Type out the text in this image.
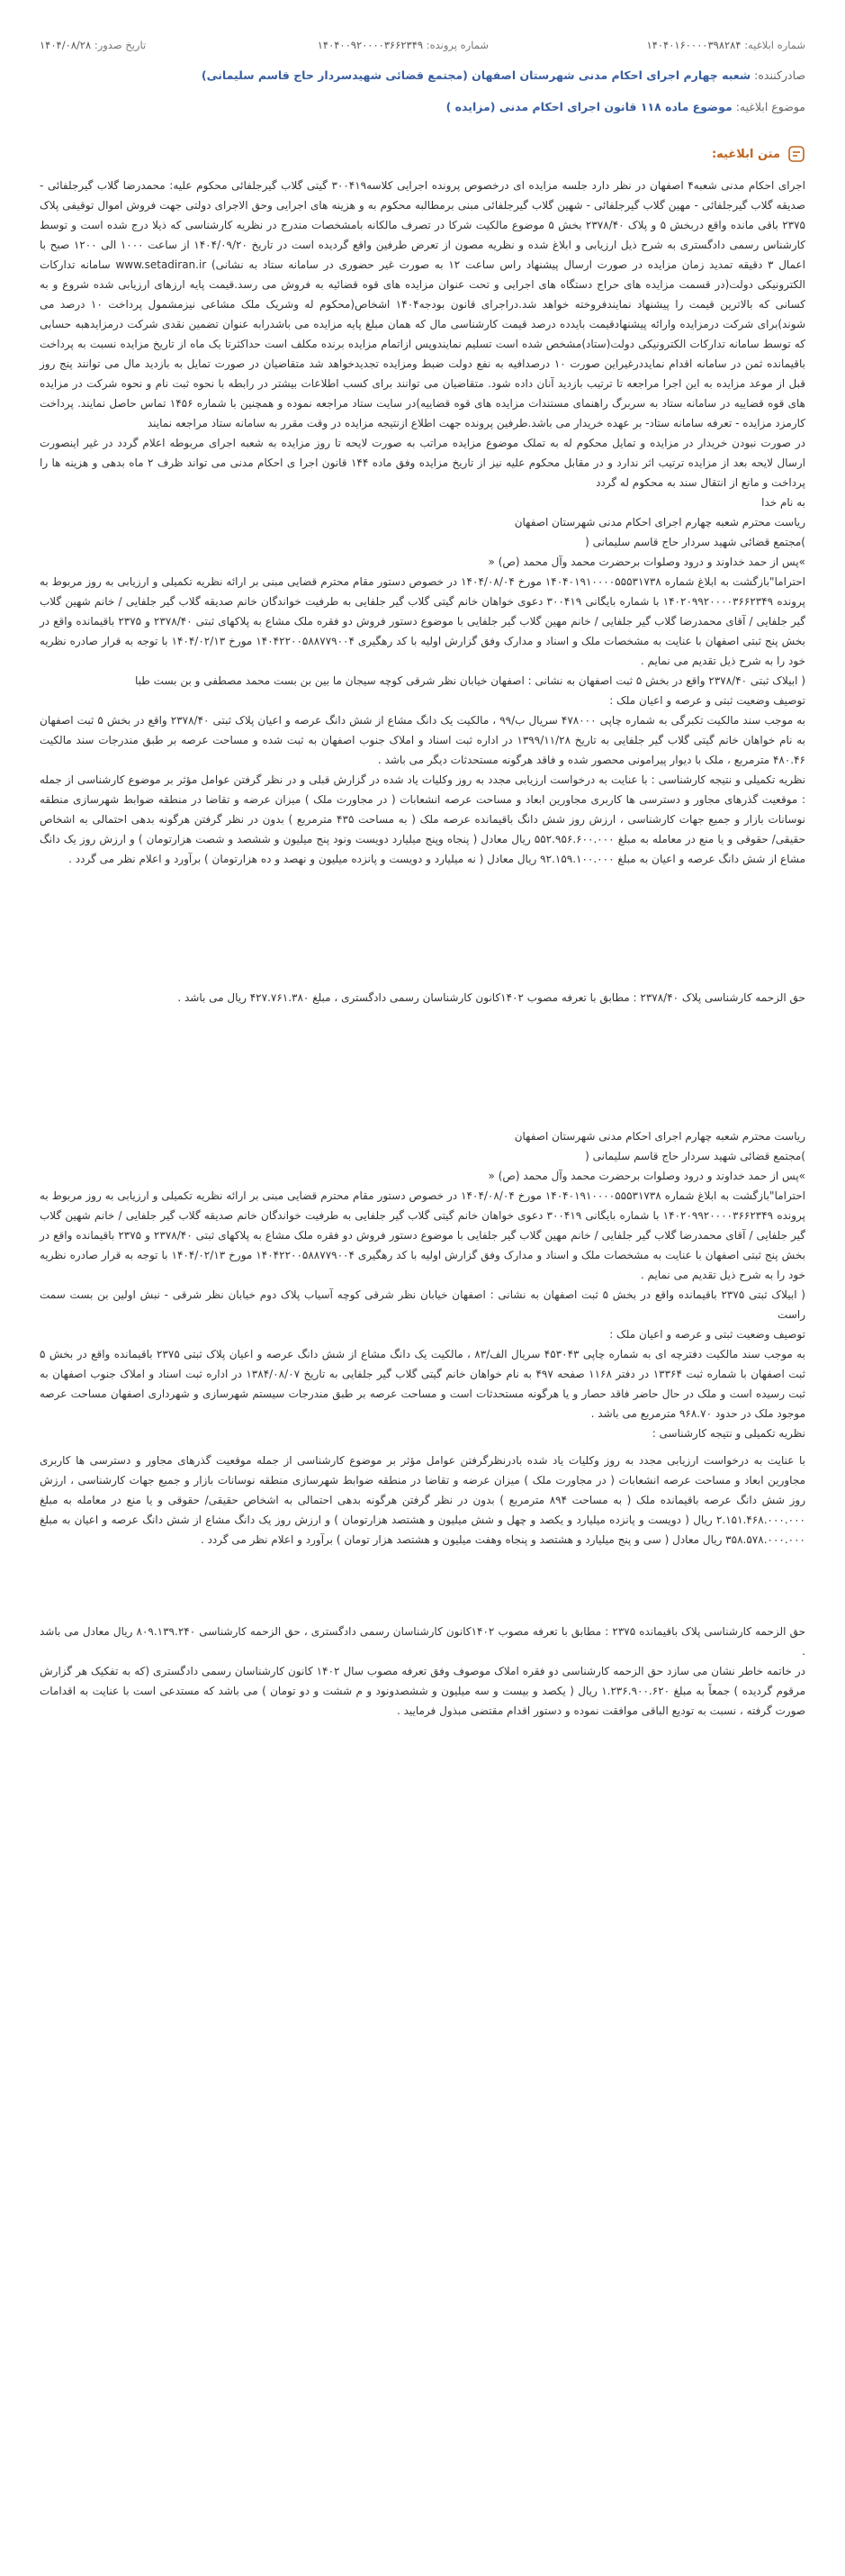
شماره ابلاغیه: ۱۴۰۴۰۱۶۰۰۰۰۳۹۸۲۸۴
شماره پرونده: ۱۴۰۴۰۰۹۲۰۰۰۰۳۶۶۲۳۴۹
تاریخ صدور: ۱۴۰۴/۰۸/۲۸
صادرکننده: شعبه چهارم اجرای احکام مدنی شهرستان اصفهان (مجتمع قضائی شهیدسردار حاج قاسم سلیمانی)
موضوع ابلاغیه: موضوع ماده ۱۱۸ قانون اجرای احکام مدنی (مزایده )
متن ابلاغیه:

اجرای احکام مدنی شعبه۴ اصفهان در نظر دارد جلسه مزایده ای درخصوص پرونده اجرایی کلاسه۳۰۰۴۱۹ گیتی گلاب گیرجلفائی محکوم علیه: محمدرضا گلاب گیرجلفائی - صدیقه گلاب گیرجلفائی - مهین گلاب گیرجلفائی - شهین گلاب گیرجلفائی مبنی برمطالبه محکوم به و هزینه های اجرایی وحق الاجرای دولتی جهت فروش اموال توقیفی پلاک ۲۳۷۵ باقی مانده واقع دربخش ۵ و پلاک ۲۳۷۸/۴۰ بخش ۵ موضوع مالکیت شرکا در تصرف مالکانه بامشخصات مندرج در نظریه کارشناسی که ذیلا درج شده است و توسط کارشناس رسمی دادگستری به شرح ذیل ارزیابی و ابلاغ شده و نظریه مصون از تعرض طرفین واقع گردیده است در تاریخ ۱۴۰۴/۰۹/۲۰ از ساعت ۱۰۰۰ الی ۱۲۰۰ صبح با اعمال ۳ دقیقه تمدید زمان مزایده در صورت ارسال پیشنهاد راس ساعت ۱۲ به صورت غیر حضوری در سامانه ستاد به نشانی) www.setadiran.ir سامانه تدارکات الکترونیکی دولت(در قسمت مزایده های حراج دستگاه های اجرایی و تحت عنوان مزایده های قوه قضائیه به فروش می رسد.قیمت پایه ارزهای ارزیابی شده شروع و به کسانی که بالاترین قیمت را پیشنهاد نمایندفروخته خواهد شد.دراجرای قانون بودجه۱۴۰۴ اشخاص(محکوم له وشریک ملک مشاعی نیزمشمول پرداخت ۱۰ درصد می شوند)برای شرکت درمزایده وارائه پیشنهادقیمت بایدده درصد قیمت کارشناسی مال که همان مبلغ پایه مزایده می باشدرابه عنوان تضمین نقدی شرکت درمزایدهبه حسابی که توسط سامانه تدارکات الکترونیکی دولت(ستاد)مشخص شده است تسلیم نمایندوپس ازاتمام مزایده برنده مکلف است حداکثرتا یک ماه از تاریخ مزایده نسبت به پرداخت باقیمانده ثمن در سامانه اقدام نمایددرغیراین صورت ۱۰ درصدافیه به نفع دولت ضبط ومزایده تجدیدخواهد شد متقاضیان در صورت تمایل به بازدید مال می توانند پنج روز قبل از موعد مزایده به این اجرا مراجعه تا ترتیب بازدید آنان داده شود. متقاضیان می توانند برای کسب اطلاعات بیشتر در رابطه با نحوه ثبت نام و نحوه شرکت در مزایده های قوه قضاییه در سامانه ستاد به سربرگ راهنمای مستندات مزایده های قوه قضاییه)در سایت ستاد مراجعه نموده و همچنین با شماره ۱۴۵۶ تماس حاصل نمایند. پرداخت کارمزد مزایده - تعرفه سامانه ستاد- بر عهده خریدار می باشد.طرفین پرونده جهت اطلاع ازنتیجه مزایده در وقت مقرر به سامانه ستاد مراجعه نمایند

در صورت نبودن خریدار در مزایده و تمایل محکوم له به تملک موضوع مزایده مراتب به صورت لایحه تا روز مزایده به شعبه اجرای مربوطه اعلام گردد در غیر اینصورت ارسال لایحه بعد از مزایده ترتیب اثر ندارد و در مقابل محکوم علیه نیز از تاریخ مزایده وفق ماده ۱۴۴ قانون اجرا ی احکام مدنی می تواند ظرف ۲ ماه بدهی و هزینه ها را پرداخت و مانع از انتقال سند به محکوم له گردد

به نام خدا

ریاست محترم شعبه چهارم اجرای احکام مدنی شهرستان اصفهان

)مجتمع قضائی شهید سردار حاج قاسم سلیمانی (

»پس از حمد خداوند و درود وصلوات برحضرت محمد وآل محمد (ص) «

احتراما"بازگشت به ابلاغ شماره ۱۴۰۴۰۱۹۱۰۰۰۰۵۵۵۳۱۷۳۸ مورخ ۱۴۰۴/۰۸/۰۴ در خصوص دستور مقام محترم قضایی مبنی بر ارائه نظریه تکمیلی و ارزیابی به روز مربوط به پرونده ۱۴۰۲۰۹۹۲۰۰۰۰۳۶۶۲۳۴۹ با شماره بایگانی ۳۰۰۴۱۹ دعوی خواهان خانم گیتی گلاب گیر جلفایی به طرفیت خواندگان خانم صدیقه گلاب گیر جلفایی / خانم شهین گلاب گیر جلفایی / آقای محمدرضا گلاب گیر جلفایی / خانم مهین گلاب گیر جلفایی با موضوع دستور فروش دو فقره ملک مشاع به پلاکهای ثبتی ۲۳۷۸/۴۰ و ۲۳۷۵ باقیمانده واقع در بخش پنج ثبتی اصفهان با عنایت به مشخصات ملک و اسناد و مدارک وفق گزارش اولیه با کد رهگیری ۱۴۰۴۲۲۰۰۵۸۸۷۷۹۰۰۴ مورخ ۱۴۰۴/۰۲/۱۳ با توجه به قرار صادره نظریه خود را به شرح ذیل تقدیم می نمایم .

( ابیلاک ثبتی ۲۳۷۸/۴۰ واقع در بخش ۵ ثبت اصفهان به نشانی : اصفهان خیابان نظر شرقی کوچه سیجان ما بین بن بست محمد مصطفی و بن بست طبا

توصیف وضعیت ثبتی و عرصه و اعیان ملک :

به موجب سند مالکیت تکبرگی به شماره چاپی ۴۷۸۰۰۰ سریال ب/۹۹ ، مالکیت یک دانگ مشاع از شش دانگ عرصه و اعیان پلاک ثبتی ۲۳۷۸/۴۰ واقع در بخش ۵ ثبت اصفهان به نام خواهان خانم گیتی گلاب گیر جلفایی به تاریخ ۱۳۹۹/۱۱/۲۸ در اداره ثبت اسناد و املاک جنوب اصفهان به ثبت شده و مساحت عرصه بر طبق مندرجات سند مالکیت ۴۸۰.۴۶ مترمربع ، ملک با دیوار پیرامونی محصور شده و فاقد هرگونه مستحدثات دیگر می باشد .

نظریه تکمیلی و نتیجه کارشناسی : با عنایت به درخواست ارزیابی مجدد به روز وکلیات یاد شده در گزارش قبلی و در نظر گرفتن عوامل مؤثر بر موضوع کارشناسی از جمله : موقعیت گذرهای مجاور و دسترسی ها کاربری مجاورین ابعاد و مساحت عرصه انشعابات ( در مجاورت ملک ) میزان عرضه و تقاضا در منطقه ضوابط شهرسازی منطقه نوسانات بازار و جمیع جهات کارشناسی ، ارزش روز شش دانگ باقیمانده عرصه ملک ( به مساحت ۴۳۵ مترمربع ) بدون در نظر گرفتن هرگونه بدهی احتمالی به اشخاص حقیقی/ حقوقی و یا منع در معامله به مبلغ ۵۵۲.۹۵۶.۶۰۰.۰۰۰ ریال معادل ( پنجاه وپنج میلیارد دویست ونود پنج میلیون و ششصد و شصت هزارتومان ) و ارزش روز یک دانگ مشاع از شش دانگ عرصه و اعیان به مبلغ ۹۲.۱۵۹.۱۰۰.۰۰۰ ریال معادل ( نه میلیارد و دویست و پانزده میلیون و نهصد و ده هزارتومان ) برآورد و اعلام نظر می گردد .

حق الزحمه کارشناسی پلاک ۲۳۷۸/۴۰ : مطابق با تعرفه مصوب ۱۴۰۲کانون کارشناسان رسمی دادگستری ، مبلغ ۴۲۷.۷۶۱.۳۸۰ ریال می باشد .

ریاست محترم شعبه چهارم اجرای احکام مدنی شهرستان اصفهان

)مجتمع قضائی شهید سردار حاج قاسم سلیمانی (

»پس از حمد خداوند و درود وصلوات برحضرت محمد وآل محمد (ص) «

احتراما"بازگشت به ابلاغ شماره ۱۴۰۴۰۱۹۱۰۰۰۰۵۵۵۳۱۷۳۸ مورخ ۱۴۰۴/۰۸/۰۴ در خصوص دستور مقام محترم قضایی مبنی بر ارائه نظریه تکمیلی و ارزیابی به روز مربوط به پرونده ۱۴۰۲۰۹۹۲۰۰۰۰۳۶۶۲۳۴۹ با شماره بایگانی ۳۰۰۴۱۹ دعوی خواهان خانم گیتی گلاب گیر جلفایی به طرفیت خواندگان خانم صدیقه گلاب گیر جلفایی / خانم شهین گلاب گیر جلفایی / آقای محمدرضا گلاب گیر جلفایی / خانم مهین گلاب گیر جلفایی با موضوع دستور فروش دو فقره ملک مشاع به پلاکهای ثبتی ۲۳۷۸/۴۰ و ۲۳۷۵ باقیمانده واقع در بخش پنج ثبتی اصفهان با عنایت به مشخصات ملک و اسناد و مدارک وفق گزارش اولیه با کد رهگیری ۱۴۰۴۲۲۰۰۵۸۸۷۷۹۰۰۴ مورخ ۱۴۰۴/۰۲/۱۳ با توجه به قرار صادره نظریه خود را به شرح ذیل تقدیم می نمایم .

( ابیلاک ثبتی ۲۳۷۵ باقیمانده واقع در بخش ۵ ثبت اصفهان به نشانی : اصفهان خیابان نظر شرقی کوچه آسیاب پلاک دوم خیابان نظر شرقی - نبش اولین بن بست سمت راست

توصیف وضعیت ثبتی و عرصه و اعیان ملک :

به موجب سند مالکیت دفترچه ای به شماره چاپی ۴۵۳۰۴۳ سریال الف/۸۳ ، مالکیت یک دانگ مشاع از شش دانگ عرصه و اعیان پلاک ثبتی ۲۳۷۵ باقیمانده واقع در بخش ۵ ثبت اصفهان با شماره ثبت ۱۳۳۶۴ در دفتر ۱۱۶۸ صفحه ۴۹۷ به نام خواهان خانم گیتی گلاب گیر جلفایی به تاریخ ۱۳۸۴/۰۸/۰۷ در اداره ثبت اسناد و املاک جنوب اصفهان به ثبت رسیده است و ملک در حال حاضر فاقد حصار و یا هرگونه مستحدثات است و مساحت عرصه بر طبق مندرجات سیستم شهرسازی و شهرداری اصفهان مساحت عرصه موجود ملک در حدود ۹۶۸.۷۰ مترمربع می باشد .

نظریه تکمیلی و نتیجه کارشناسی :

با عنایت به درخواست ارزیابی مجدد به روز وکلیات یاد شده بادرنظرگرفتن عوامل مؤثر بر موضوع کارشناسی از جمله موقعیت گذرهای مجاور و دسترسی ها کاربری مجاورین ابعاد و مساحت عرصه انشعابات ( در مجاورت ملک ) میزان عرضه و تقاضا در منطقه ضوابط شهرسازی منطقه نوسانات بازار و جمیع جهات کارشناسی ، ارزش روز شش دانگ عرصه باقیمانده ملک ( به مساحت ۸۹۴ مترمربع ) بدون در نظر گرفتن هرگونه بدهی احتمالی به اشخاص حقیقی/ حقوقی و یا منع در معامله به مبلغ ۲.۱۵۱.۴۶۸.۰۰۰.۰۰۰ ریال ( دویست و پانزده میلیارد و یکصد و چهل و شش میلیون و هشتصد هزارتومان ) و ارزش روز یک دانگ مشاع از شش دانگ عرصه و اعیان به مبلغ ۳۵۸.۵۷۸.۰۰۰.۰۰۰ ریال معادل ( سی و پنج میلیارد و هشتصد و پنجاه وهفت میلیون و هشتصد هزار تومان ) برآورد و اعلام نظر می گردد .

حق الزحمه کارشناسی پلاک باقیمانده ۲۳۷۵ : مطابق با تعرفه مصوب ۱۴۰۲کانون کارشناسان رسمی دادگستری ، حق الزحمه کارشناسی ۸۰۹.۱۳۹.۲۴۰ ریال معادل می باشد .

در خاتمه خاطر نشان می سازد حق الزحمه کارشناسی دو فقره املاک موصوف وفق تعرفه مصوب سال ۱۴۰۲ کانون کارشناسان رسمی دادگستری (که به تفکیک هر گزارش مرقوم گردیده ) جمعاً به مبلغ ۱.۲۳۶.۹۰۰.۶۲۰ ریال ( یکصد و بیست و سه میلیون و ششصدونود و م ششت و دو تومان ) می باشد که مستدعی است با عنایت به اقدامات صورت گرفته ، نسبت به تودیع الباقی موافقت نموده و دستور اقدام مقتضی مبذول فرمایید .
